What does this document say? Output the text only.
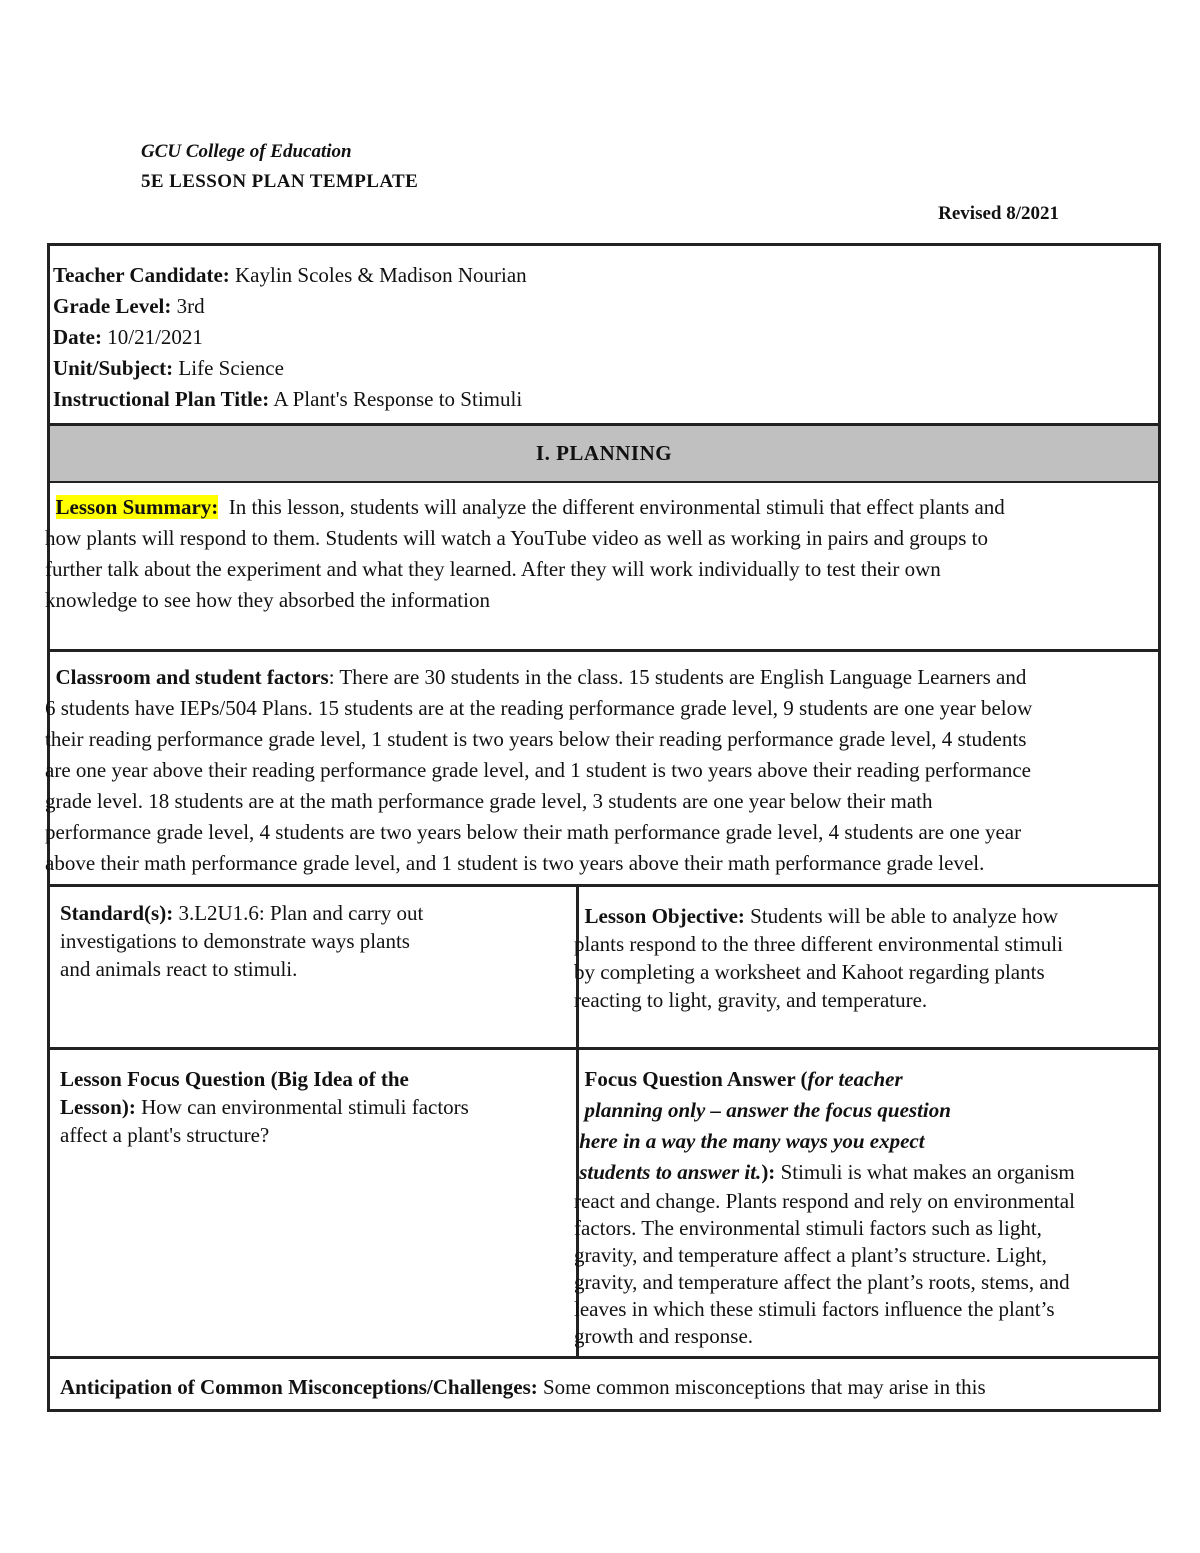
GCU College of Education
5E LESSON PLAN TEMPLATE
Revised 8/2021
Teacher Candidate: Kaylin Scoles & Madison Nourian
Grade Level: 3rd
Date: 10/21/2021
Unit/Subject: Life Science
Instructional Plan Title: A Plant's Response to Stimuli
I. PLANNING
Lesson Summary: In this lesson, students will analyze the different environmental stimuli that effect plants and
how plants will respond to them. Students will watch a YouTube video as well as working in pairs and groups to
further talk about the experiment and what they learned. After they will work individually to test their own
knowledge to see how they absorbed the information
Classroom and student factors: There are 30 students in the class. 15 students are English Language Learners and
6 students have IEPs/504 Plans. 15 students are at the reading performance grade level, 9 students are one year below
their reading performance grade level, 1 student is two years below their reading performance grade level, 4 students
are one year above their reading performance grade level, and 1 student is two years above their reading performance
grade level. 18 students are at the math performance grade level, 3 students are one year below their math
performance grade level, 4 students are two years below their math performance grade level, 4 students are one year
above their math performance grade level, and 1 student is two years above their math performance grade level.
Standard(s): 3.L2U1.6: Plan and carry out
investigations to demonstrate ways plants
and animals react to stimuli.
Lesson Objective: Students will be able to analyze how
plants respond to the three different environmental stimuli
by completing a worksheet and Kahoot regarding plants
reacting to light, gravity, and temperature.
Lesson Focus Question (Big Idea of the
Lesson): How can environmental stimuli factors
affect a plant's structure?
Focus Question Answer (for teacher
planning only – answer the focus question
here in a way the many ways you expect
students to answer it.): Stimuli is what makes an organism
react and change. Plants respond and rely on environmental
factors. The environmental stimuli factors such as light,
gravity, and temperature affect a plant’s structure. Light,
gravity, and temperature affect the plant’s roots, stems, and
leaves in which these stimuli factors influence the plant’s
growth and response.
Anticipation of Common Misconceptions/Challenges: Some common misconceptions that may arise in this
